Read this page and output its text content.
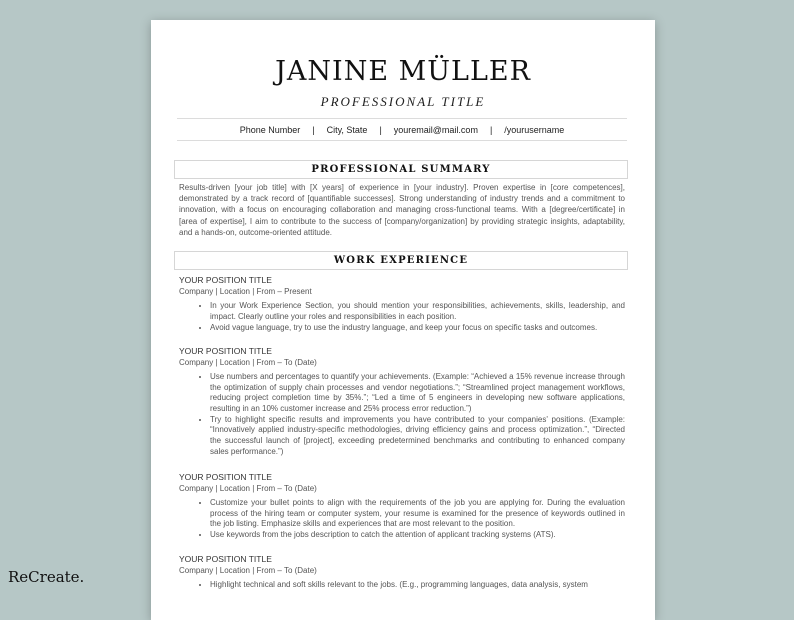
JANINE MÜLLER
PROFESSIONAL TITLE
Phone Number | City, State | youremail@mail.com | /yourusername
PROFESSIONAL SUMMARY

Results-driven [your job title] with [X years] of experience in [your industry]. Proven expertise in [core competences], demonstrated by a track record of [quantifiable successes]. Strong understanding of industry trends and a commitment to innovation, with a focus on encouraging collaboration and managing cross-functional teams. With a [degree/certificate] in [area of expertise], I aim to contribute to the success of [company/organization] by providing strategic insights, adaptability, and a hands-on, outcome-oriented attitude.

WORK EXPERIENCE
YOUR POSITION TITLE
Company | Location | From – Present
• In your Work Experience Section, you should mention your responsibilities, achievements, skills, leadership, and impact. Clearly outline your roles and responsibilities in each position.
• Avoid vague language, try to use the industry language, and keep your focus on specific tasks and outcomes.
YOUR POSITION TITLE
Company | Location | From – To (Date)
• Use numbers and percentages to quantify your achievements. (Example: “Achieved a 15% revenue increase through the optimization of supply chain processes and vendor negotiations.”; “Streamlined project management workflows, reducing project completion time by 35%.”; “Led a time of 5 engineers in developing new software applications, resulting in an 10% customer increase and 25% process error reduction.”)
• Try to highlight specific results and improvements you have contributed to your companies' positions. (Example: “Innovatively applied industry-specific methodologies, driving efficiency gains and process optimization.”, “Directed the successful launch of [project], exceeding predetermined benchmarks and contributing to enhanced company sales performance.”)
YOUR POSITION TITLE
Company | Location | From – To (Date)
• Customize your bullet points to align with the requirements of the job you are applying for. During the evaluation process of the hiring team or computer system, your resume is examined for the presence of keywords outlined in the job listing. Emphasize skills and experiences that are most relevant to the position.
• Use keywords from the jobs description to catch the attention of applicant tracking systems (ATS).
YOUR POSITION TITLE
Company | Location | From – To (Date)
• Highlight technical and soft skills relevant to the jobs. (E.g., programming languages, data analysis, system
ReCreate.
